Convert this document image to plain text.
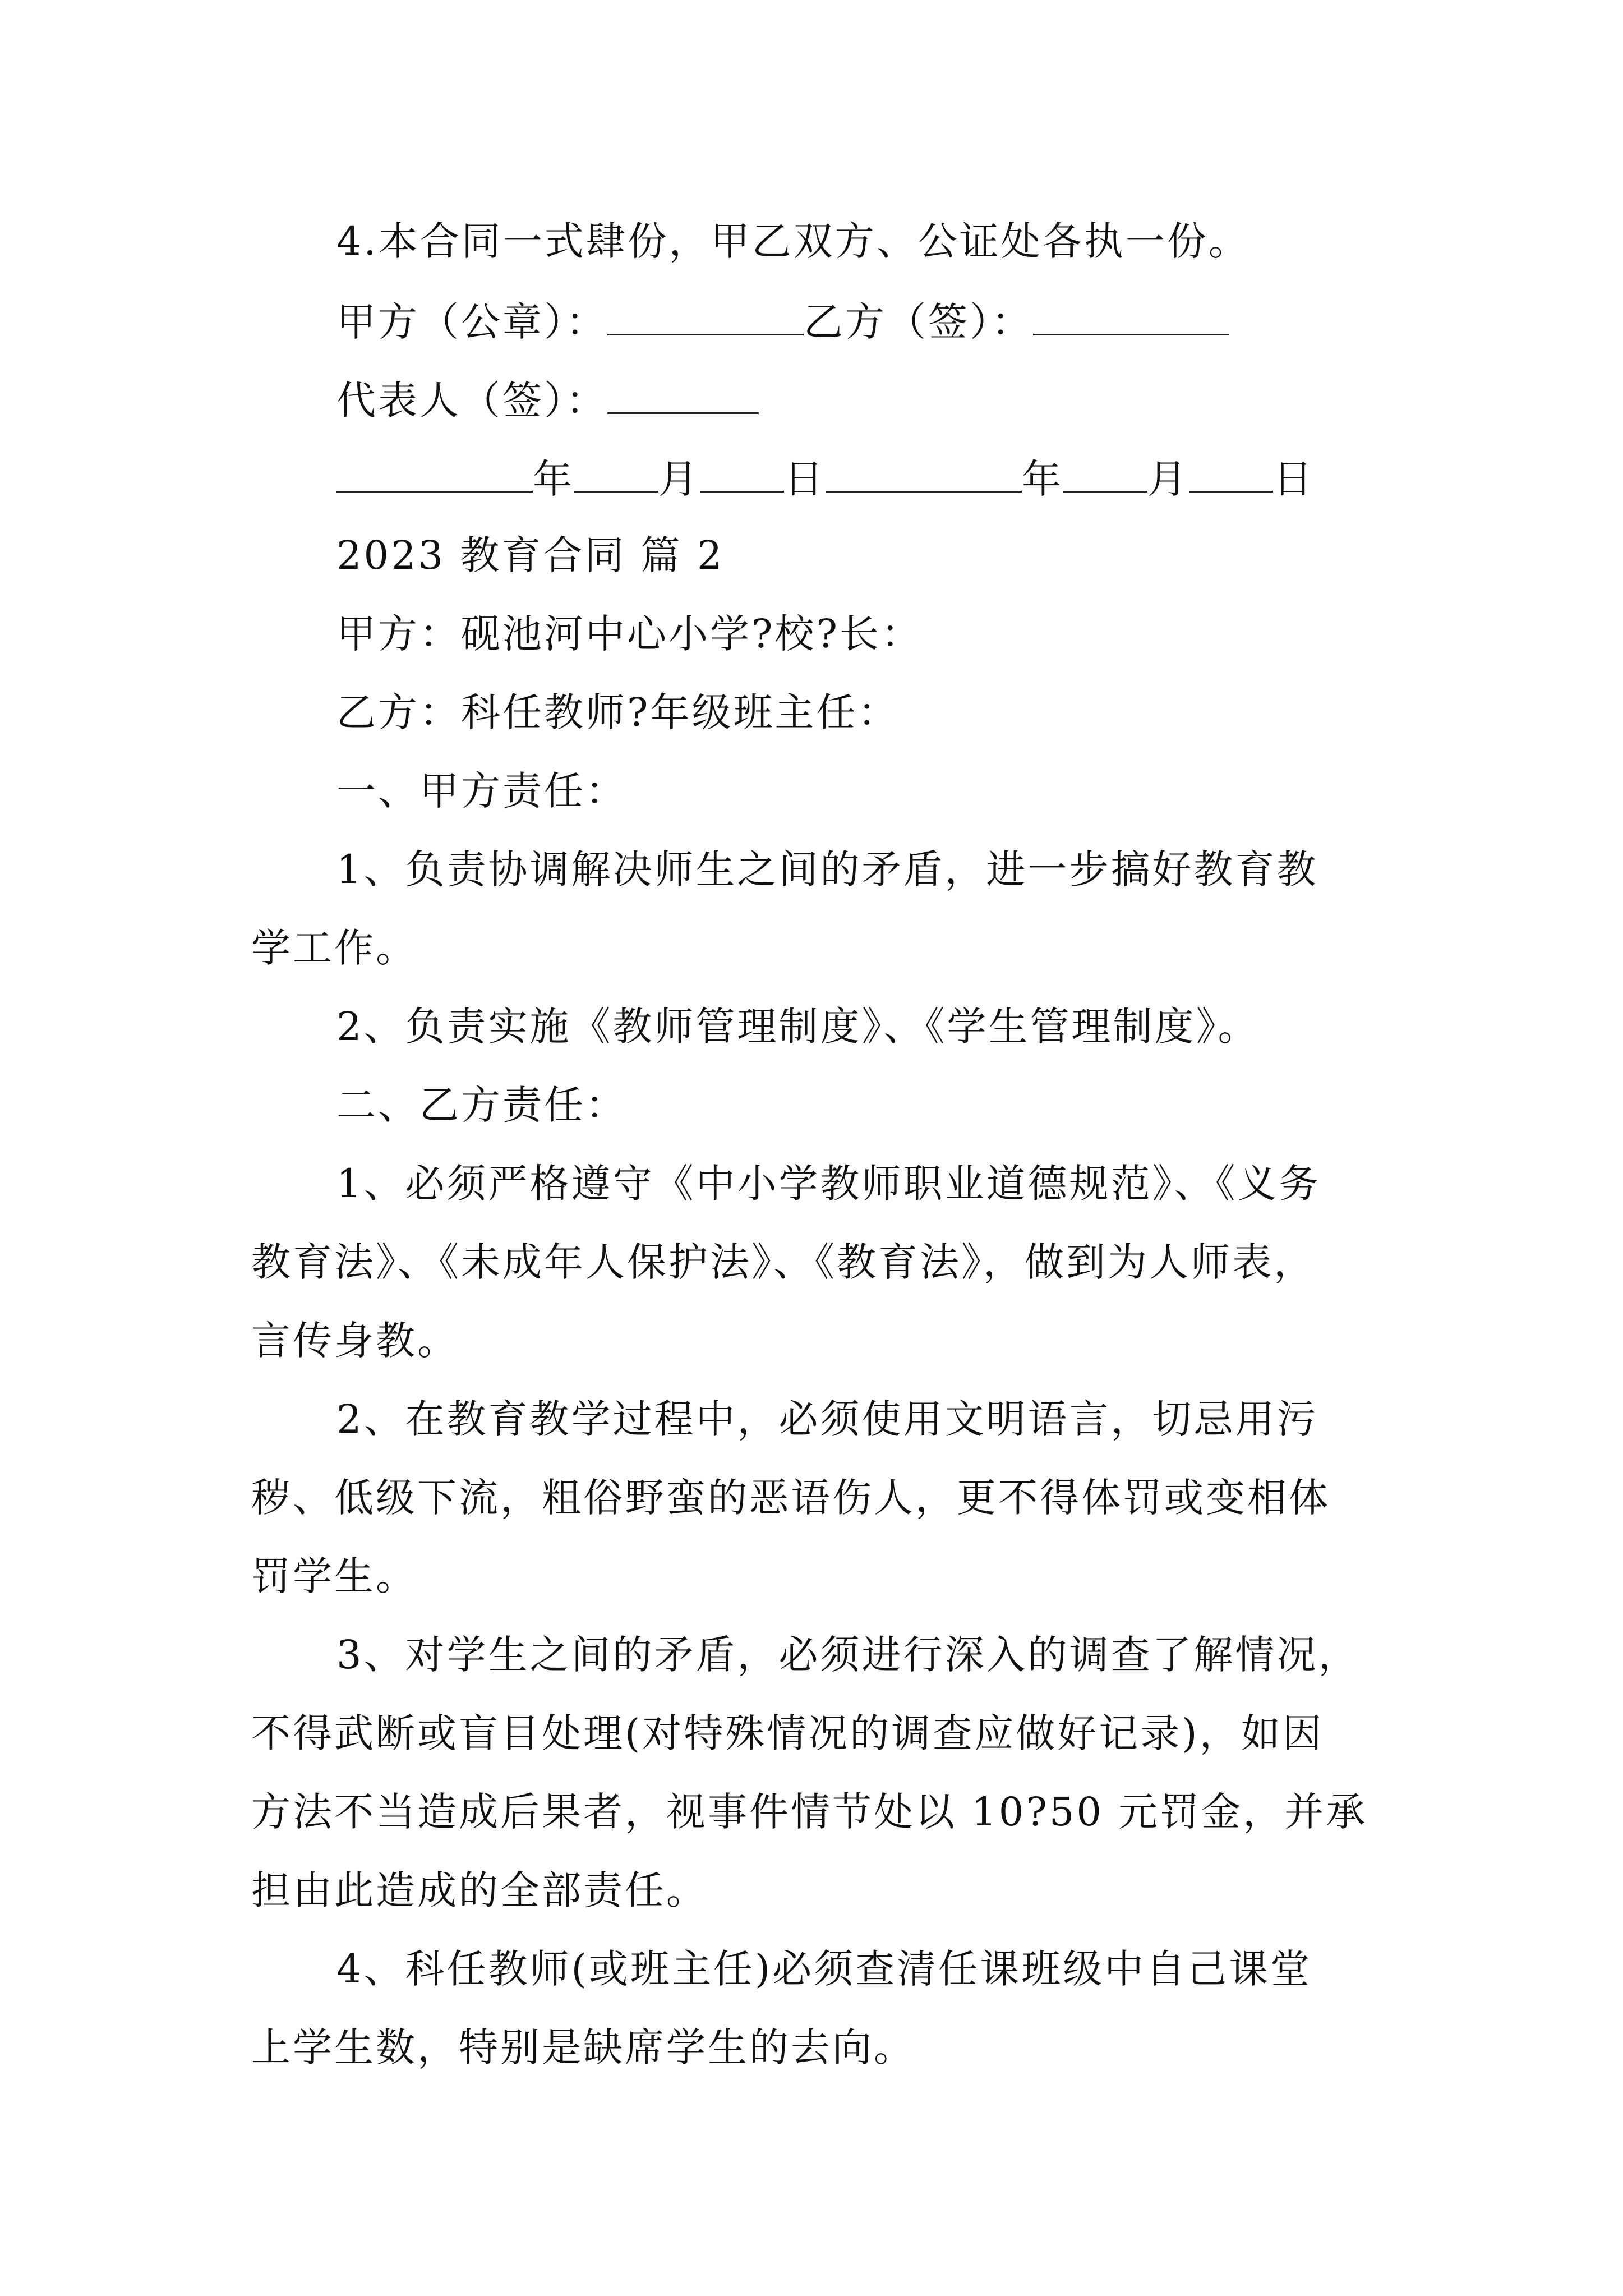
4.本合同一式肆份，甲乙双方、公证处各执一份。
甲方（公章）：	乙方（签）：
代表人（签）：
年 月 日	年 月 日
2023 教育合同 篇 2
甲方：砚池河中心小学?校?长：
乙方：科任教师?年级班主任：
一、甲方责任：
1、负责协调解决师生之间的矛盾，进一步搞好教育教
学工作。
2、负责实施《教师管理制度》、《学生管理制度》。
二、乙方责任：
1、必须严格遵守《中小学教师职业道德规范》、《义务
教育法》、《未成年人保护法》、《教育法》，做到为人师表，
言传身教。
2、在教育教学过程中，必须使用文明语言，切忌用污
秽、低级下流，粗俗野蛮的恶语伤人，更不得体罚或变相体
罚学生。
3、对学生之间的矛盾，必须进行深入的调查了解情况，
不得武断或盲目处理(对特殊情况的调查应做好记录)，如因
方法不当造成后果者，视事件情节处以 10?50 元罚金，并承
担由此造成的全部责任。
4、科任教师(或班主任)必须查清任课班级中自己课堂
上学生数，特别是缺席学生的去向。
